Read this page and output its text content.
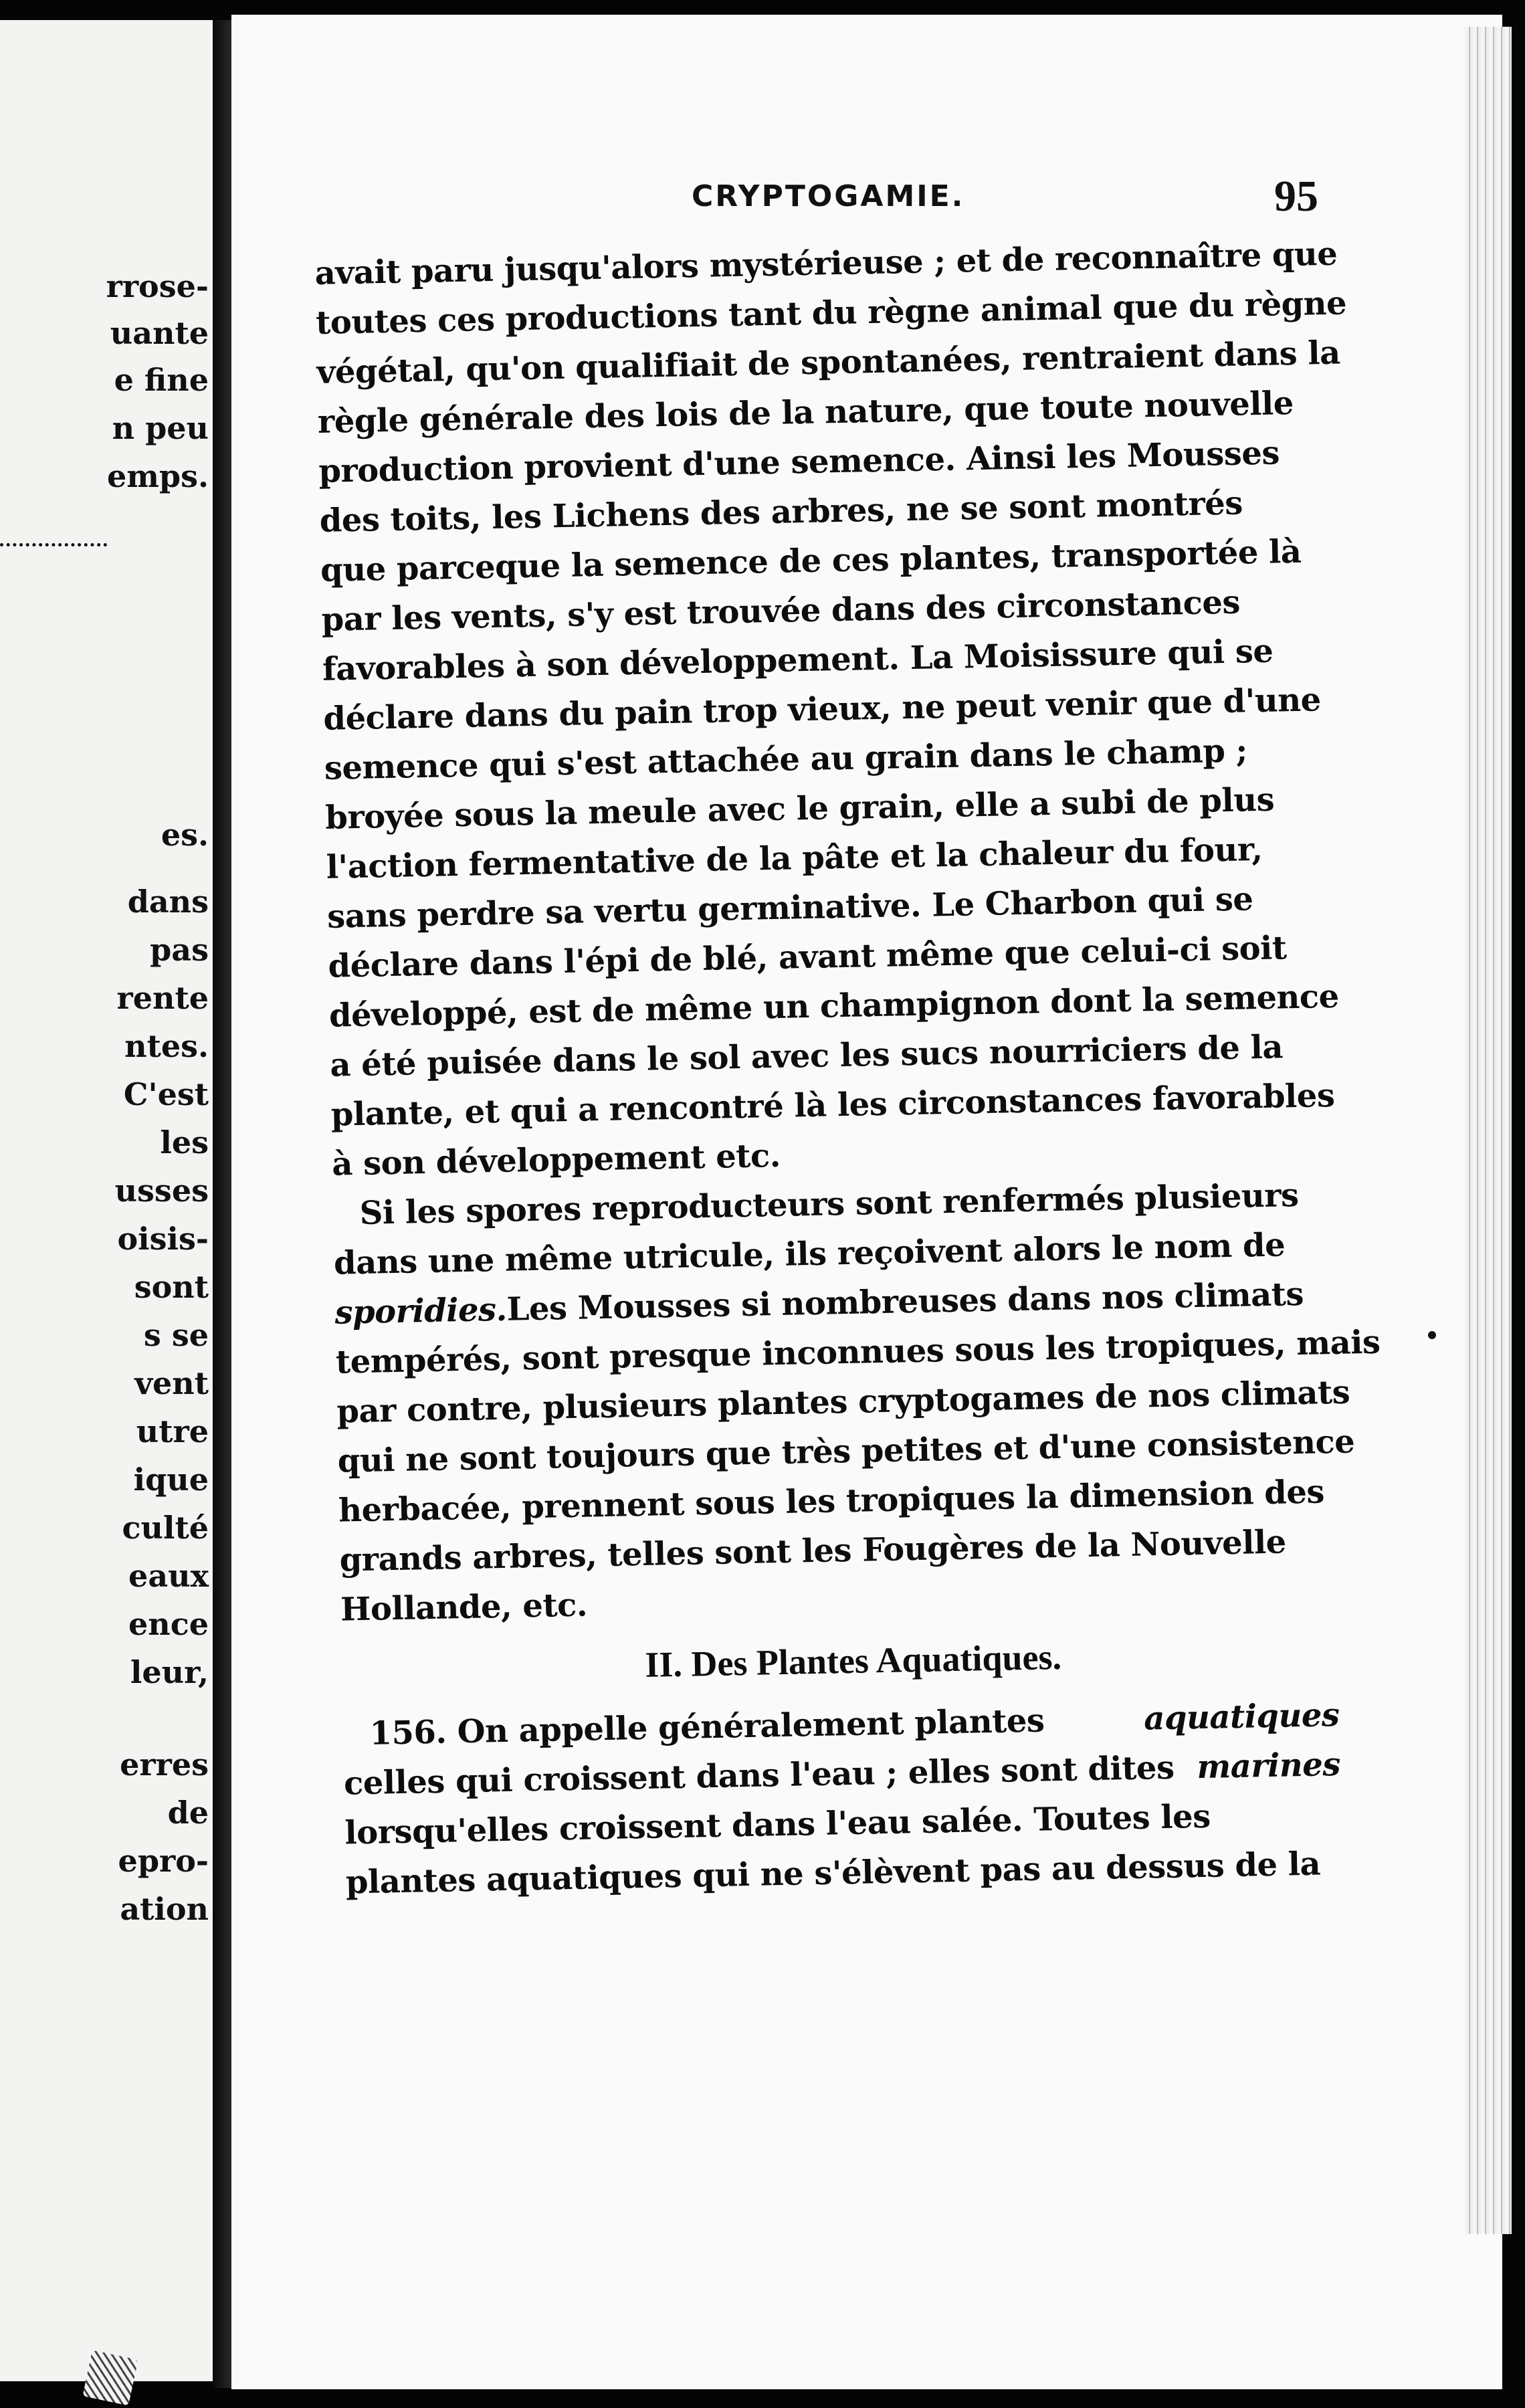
rrose-

uante

e fine

n peu

emps.

es.

dans

pas

rente

ntes.

C'est

les

usses

oisis-

sont

s se

vent

utre

ique

culté

eaux

ence

leur,

erres

de

epro-

ation

CRYPTOGAMIE.	95

avait paru jusqu'alors mystérieuse ; et de reconnaître que
toutes ces productions tant du règne animal que du règne
végétal, qu'on qualifiait de spontanées, rentraient dans la
règle générale des lois de la nature, que toute nouvelle
production provient d'une semence. Ainsi les Mousses
des toits, les Lichens des arbres, ne se sont montrés
que parceque la semence de ces plantes, transportée là
par les vents, s'y est trouvée dans des circonstances
favorables à son développement. La Moisissure qui se
déclare dans du pain trop vieux, ne peut venir que d'une
semence qui s'est attachée au grain dans le champ ;
broyée sous la meule avec le grain, elle a subi de plus
l'action fermentative de la pâte et la chaleur du four,
sans perdre sa vertu germinative. Le Charbon qui se
déclare dans l'épi de blé, avant même que celui-ci soit
développé, est de même un champignon dont la semence
a été puisée dans le sol avec les sucs nourriciers de la
plante, et qui a rencontré là les circonstances favorables
à son développement etc.
Si les spores reproducteurs sont renfermés plusieurs
dans une même utricule, ils reçoivent alors le nom de
sporidies.
Les Mousses si nombreuses dans nos climats
tempérés, sont presque inconnues sous les tropiques, mais
par contre, plusieurs plantes cryptogames de nos climats
qui ne sont toujours que très petites et d'une consistence
herbacée, prennent sous les tropiques la dimension des
grands arbres, telles sont les Fougères de la Nouvelle
Hollande, etc.
II. Des Plantes Aquatiques.
156. On appelle généralement plantes	aquatiques
celles qui croissent dans l'eau ; elles sont dites marines
lorsqu'elles croissent dans l'eau salée. Toutes les
plantes aquatiques qui ne s'élèvent pas au dessus de la
